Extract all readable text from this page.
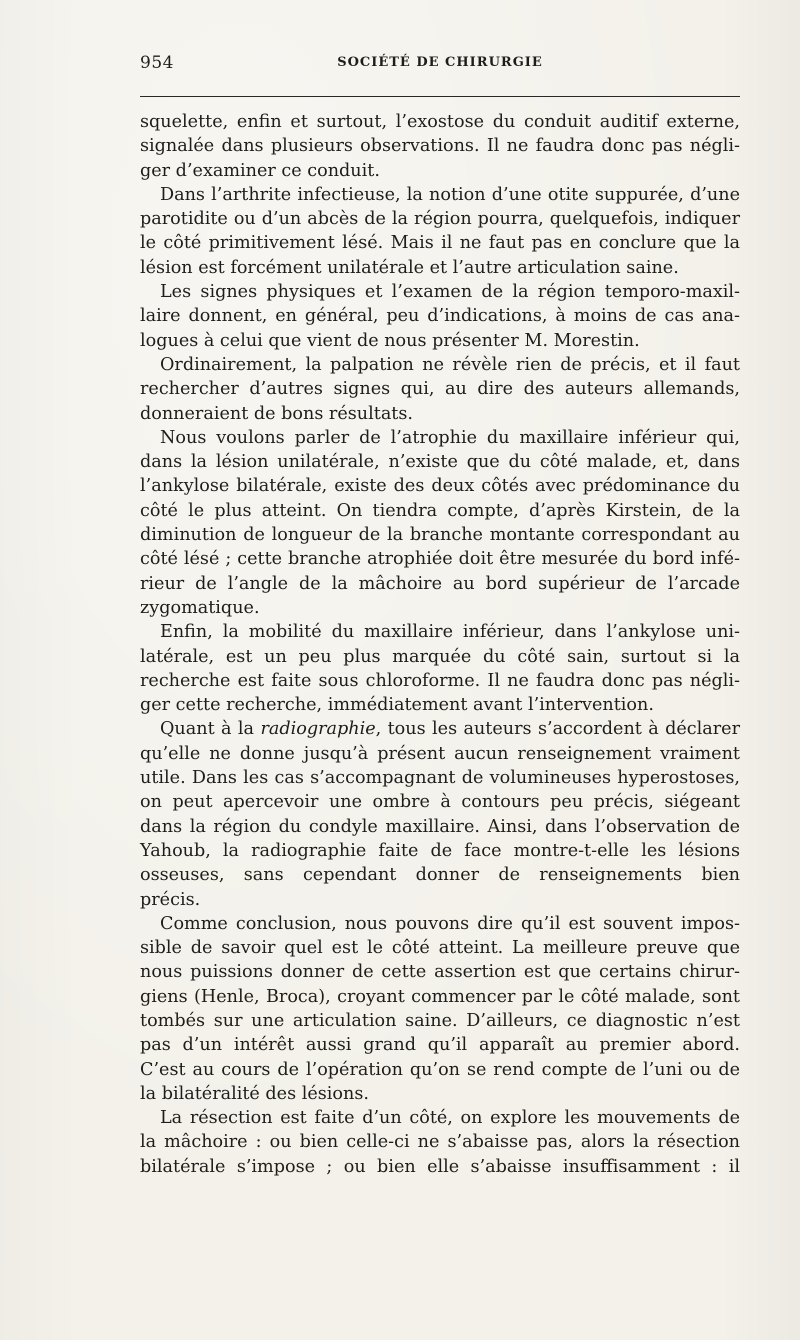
954	SOCIÉTÉ DE CHIRURGIE
squelette, enfin et surtout, l’exostose du conduit auditif externe,
signalée dans plusieurs observations. Il ne faudra donc pas négli-
ger d’examiner ce conduit.
Dans l’arthrite infectieuse, la notion d’une otite suppurée, d’une
parotidite ou d’un abcès de la région pourra, quelquefois, indiquer
le côté primitivement lésé. Mais il ne faut pas en conclure que la
lésion est forcément unilatérale et l’autre articulation saine.
Les signes physiques et l’examen de la région temporo-maxil-
laire donnent, en général, peu d’indications, à moins de cas ana-
logues à celui que vient de nous présenter M. Morestin.
Ordinairement, la palpation ne révèle rien de précis, et il faut
rechercher d’autres signes qui, au dire des auteurs allemands,
donneraient de bons résultats.
Nous voulons parler de l’atrophie du maxillaire inférieur qui,
dans la lésion unilatérale, n’existe que du côté malade, et, dans
l’ankylose bilatérale, existe des deux côtés avec prédominance du
côté le plus atteint. On tiendra compte, d’après Kirstein, de la
diminution de longueur de la branche montante correspondant au
côté lésé ; cette branche atrophiée doit être mesurée du bord infé-
rieur de l’angle de la mâchoire au bord supérieur de l’arcade
zygomatique.
Enfin, la mobilité du maxillaire inférieur, dans l’ankylose uni-
latérale, est un peu plus marquée du côté sain, surtout si la
recherche est faite sous chloroforme. Il ne faudra donc pas négli-
ger cette recherche, immédiatement avant l’intervention.
Quant à la radiographie, tous les auteurs s’accordent à déclarer
qu’elle ne donne jusqu’à présent aucun renseignement vraiment
utile. Dans les cas s’accompagnant de volumineuses hyperostoses,
on peut apercevoir une ombre à contours peu précis, siégeant
dans la région du condyle maxillaire. Ainsi, dans l’observation de
Yahoub, la radiographie faite de face montre-t-elle les lésions
osseuses, sans cependant donner de renseignements bien
précis.
Comme conclusion, nous pouvons dire qu’il est souvent impos-
sible de savoir quel est le côté atteint. La meilleure preuve que
nous puissions donner de cette assertion est que certains chirur-
giens (Henle, Broca), croyant commencer par le côté malade, sont
tombés sur une articulation saine. D’ailleurs, ce diagnostic n’est
pas d’un intérêt aussi grand qu’il apparaît au premier abord.
C’est au cours de l’opération qu’on se rend compte de l’uni ou de
la bilatéralité des lésions.
La résection est faite d’un côté, on explore les mouvements de
la mâchoire : ou bien celle-ci ne s’abaisse pas, alors la résection
bilatérale s’impose ; ou bien elle s’abaisse insuffisamment : il
